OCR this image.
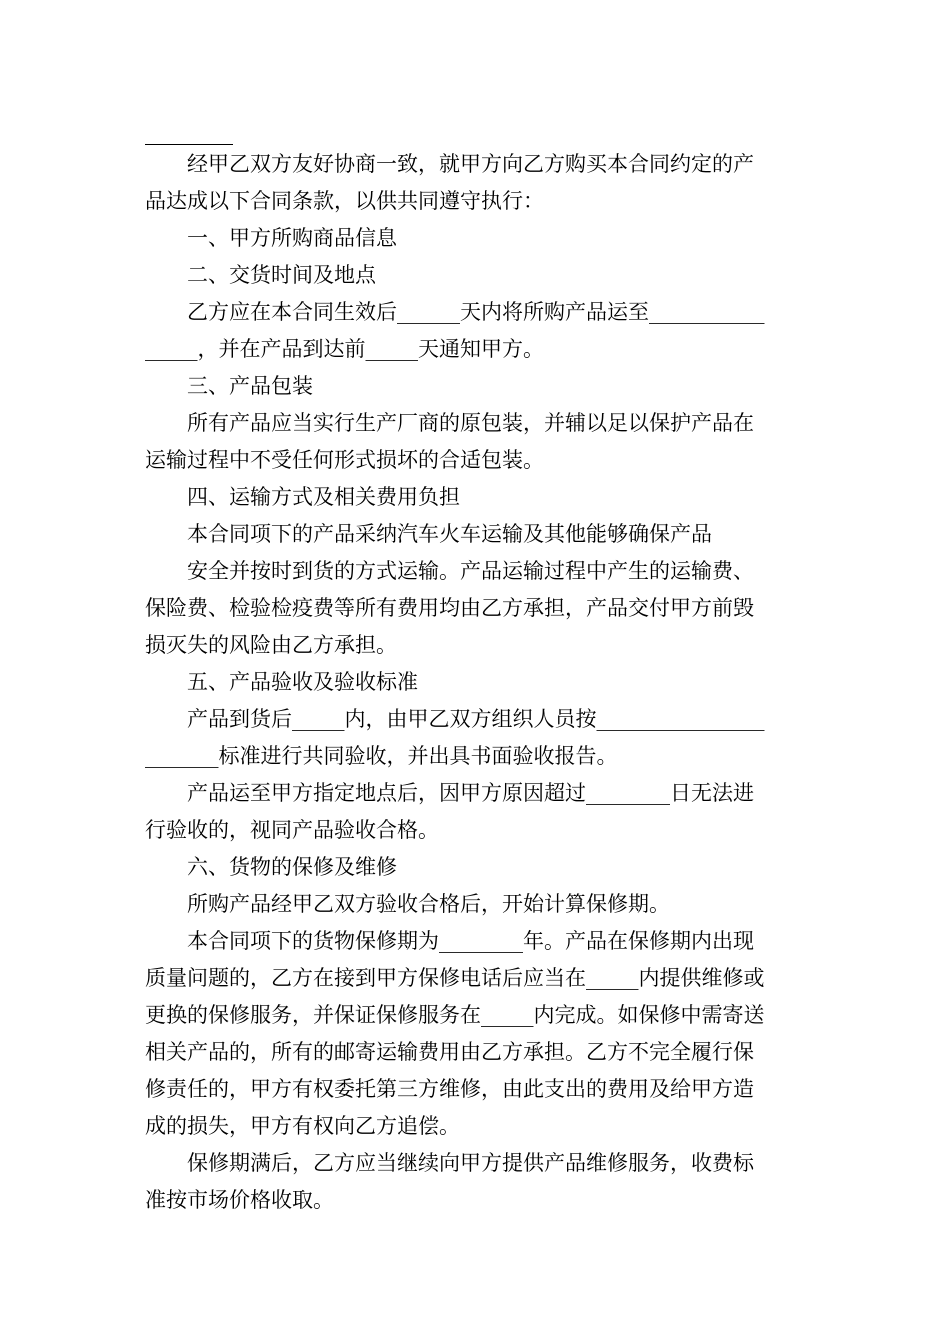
经甲乙双方友好协商一致，就甲方向乙方购买本合同约定的产
品达成以下合同条款，以供共同遵守执行：
一、甲方所购商品信息
二、交货时间及地点
乙方应在本合同生效后______天内将所购产品运至___________
_____，并在产品到达前_____天通知甲方。
三、产品包装
所有产品应当实行生产厂商的原包装，并辅以足以保护产品在
运输过程中不受任何形式损坏的合适包装。
四、运输方式及相关费用负担
本合同项下的产品采纳汽车火车运输及其他能够确保产品
安全并按时到货的方式运输。产品运输过程中产生的运输费、
保险费、检验检疫费等所有费用均由乙方承担，产品交付甲方前毁
损灭失的风险由乙方承担。
五、产品验收及验收标准
产品到货后_____内，由甲乙双方组织人员按________________
_______标准进行共同验收，并出具书面验收报告。
产品运至甲方指定地点后，因甲方原因超过________日无法进
行验收的，视同产品验收合格。
六、货物的保修及维修
所购产品经甲乙双方验收合格后，开始计算保修期。
本合同项下的货物保修期为________年。产品在保修期内出现
质量问题的，乙方在接到甲方保修电话后应当在_____内提供维修或
更换的保修服务，并保证保修服务在_____内完成。如保修中需寄送
相关产品的，所有的邮寄运输费用由乙方承担。乙方不完全履行保
修责任的，甲方有权委托第三方维修，由此支出的费用及给甲方造
成的损失，甲方有权向乙方追偿。
保修期满后，乙方应当继续向甲方提供产品维修服务，收费标
准按市场价格收取。
